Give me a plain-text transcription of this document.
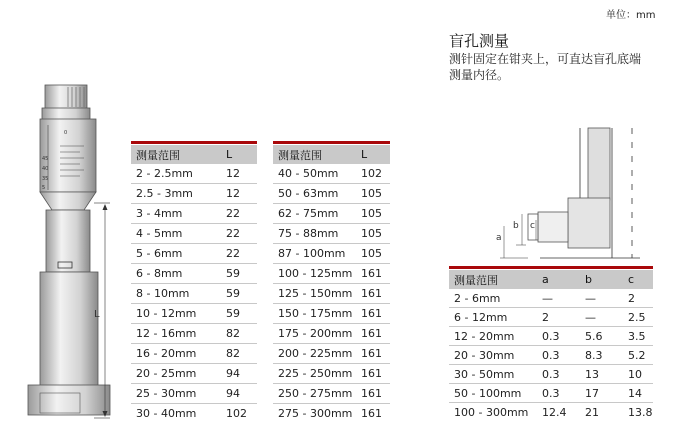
单位：mm
盲孔测量
测针固定在钳夹上，可直达盲孔底端
测量内径。
0
45
40
35
5
L
a
b c
测量范围	L
2 - 2.5mm	12
2.5 - 3mm	12
3 - 4mm	22
4 - 5mm	22
5 - 6mm	22
6 - 8mm	59
8 - 10mm	59
10 - 12mm	59
12 - 16mm	82
16 - 20mm	82
20 - 25mm	94
25 - 30mm	94
30 - 40mm	102
测量范围	L
40 - 50mm	102
50 - 63mm	105
62 - 75mm	105
75 - 88mm	105
87 - 100mm	105
100 - 125mm	161
125 - 150mm	161
150 - 175mm	161
175 - 200mm	161
200 - 225mm	161
225 - 250mm	161
250 - 275mm	161
275 - 300mm	161
测量范围	a	b	c
2 - 6mm	—	—	2
6 - 12mm	2	—	2.5
12 - 20mm	0.3	5.6	3.5
20 - 30mm	0.3	8.3	5.2
30 - 50mm	0.3	13	10
50 - 100mm	0.3	17	14
100 - 300mm	12.4	21	13.8
